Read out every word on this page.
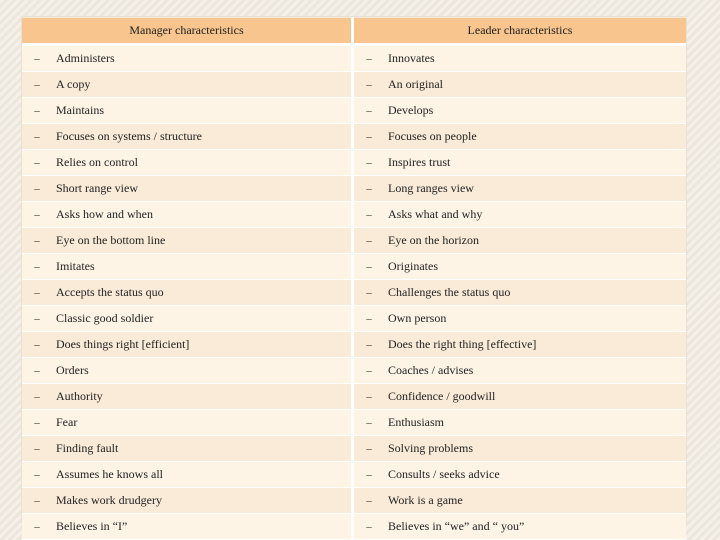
Manager characteristics		Leader characteristics	
–	Administers	–	Innovates
–	A copy	–	An original
–	Maintains	–	Develops
–	Focuses on systems / structure	–	Focuses on people
–	Relies on control	–	Inspires trust
–	Short range view	–	Long ranges view
–	Asks how and when	–	Asks what and why
–	Eye on the bottom line	–	Eye on the horizon
–	Imitates	–	Originates
–	Accepts the status quo	–	Challenges the status quo
–	Classic good soldier	–	Own person
–	Does things right [efficient]	–	Does the right thing [effective]
–	Orders	–	Coaches / advises
–	Authority	–	Confidence / goodwill
–	Fear	–	Enthusiasm
–	Finding fault	–	Solving problems
–	Assumes he knows all	–	Consults / seeks advice
–	Makes work drudgery	–	Work is a game
–	Believes in “I”	–	Believes in “we” and “ you”
